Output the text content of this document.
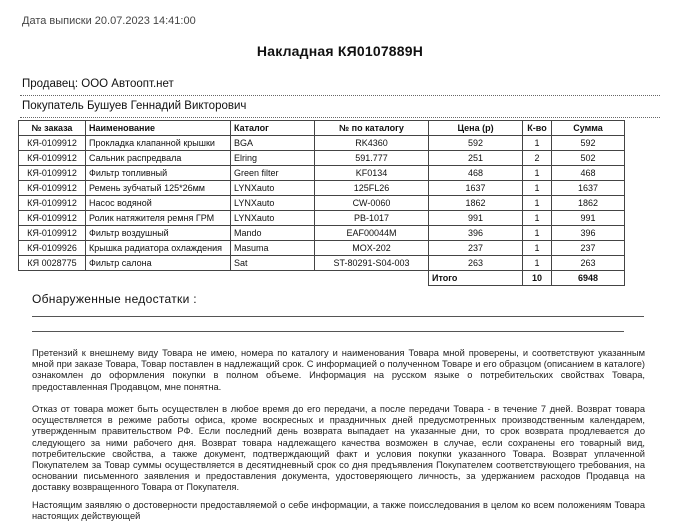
Дата выписки 20.07.2023 14:41:00
Накладная КЯ0107889Н
Продавец: ООО Автоопт.нет
Покупатель Бушуев Геннадий Викторович
№ заказа	Наименование	Каталог	№ по каталогу	Цена (р)	К-во	Сумма
КЯ-0109912	Прокладка клапанной крышки	BGA	RK4360	592	1	592
КЯ-0109912	Сальник распредвала	Elring	591.777	251	2	502
КЯ-0109912	Фильтр топливный	Green filter	KF0134	468	1	468
КЯ-0109912	Ремень зубчатый 125*26мм	LYNXauto	125FL26	1637	1	1637
КЯ-0109912	Насос водяной	LYNXauto	CW-0060	1862	1	1862
КЯ-0109912	Ролик натяжителя ремня ГРМ	LYNXauto	PB-1017	991	1	991
КЯ-0109912	Фильтр воздушный	Mando	EAF00044M	396	1	396
КЯ-0109926	Крышка радиатора охлаждения	Masuma	MOX-202	237	1	237
КЯ 0028775	Фильтр салона	Sat	ST-80291-S04-003	263	1	263
				Итого	10	6948
Обнаруженные недостатки :
Претензий к внешнему виду Товара не имею, номера по каталогу и наименования Товара мной проверены, и соответствуют указанным мной при заказе Товара, Товар поставлен в надлежащий срок. С информацией о полученном Товаре и его образцом (описанием в каталоге) ознакомлен до оформления покупки в полном объеме. Информация на русском языке о потребительских свойствах Товара, предоставленная Продавцом, мне понятна.
Отказ от товара может быть осуществлен в любое время до его передачи, а после передачи Товара - в течение 7 дней. Возврат товара осуществляется в режиме работы офиса, кроме воскресных и праздничных дней предусмотренных производственным календарем, утвержденным правительством РФ. Если последний день возврата выпадает на указанные дни, то срок возврата продлевается до следующего за ними рабочего дня. Возврат товара надлежащего качества возможен в случае, если сохранены его товарный вид, потребительские свойства, а также документ, подтверждающий факт и условия покупки указанного Товара. Возврат уплаченной Покупателем за Товар суммы осуществляется в десятидневный срок со дня предъявления Покупателем соответствующего требования, на основании письменного заявления и предоставления документа, удостоверяющего личность, за удержанием расходов Продавца на доставку возвращенного Товара от Покупателя.
Настоящим заявляю о достоверности предоставляемой о себе информации, а также поисследования в целом ко всем положениям Товара настоящих действующей
